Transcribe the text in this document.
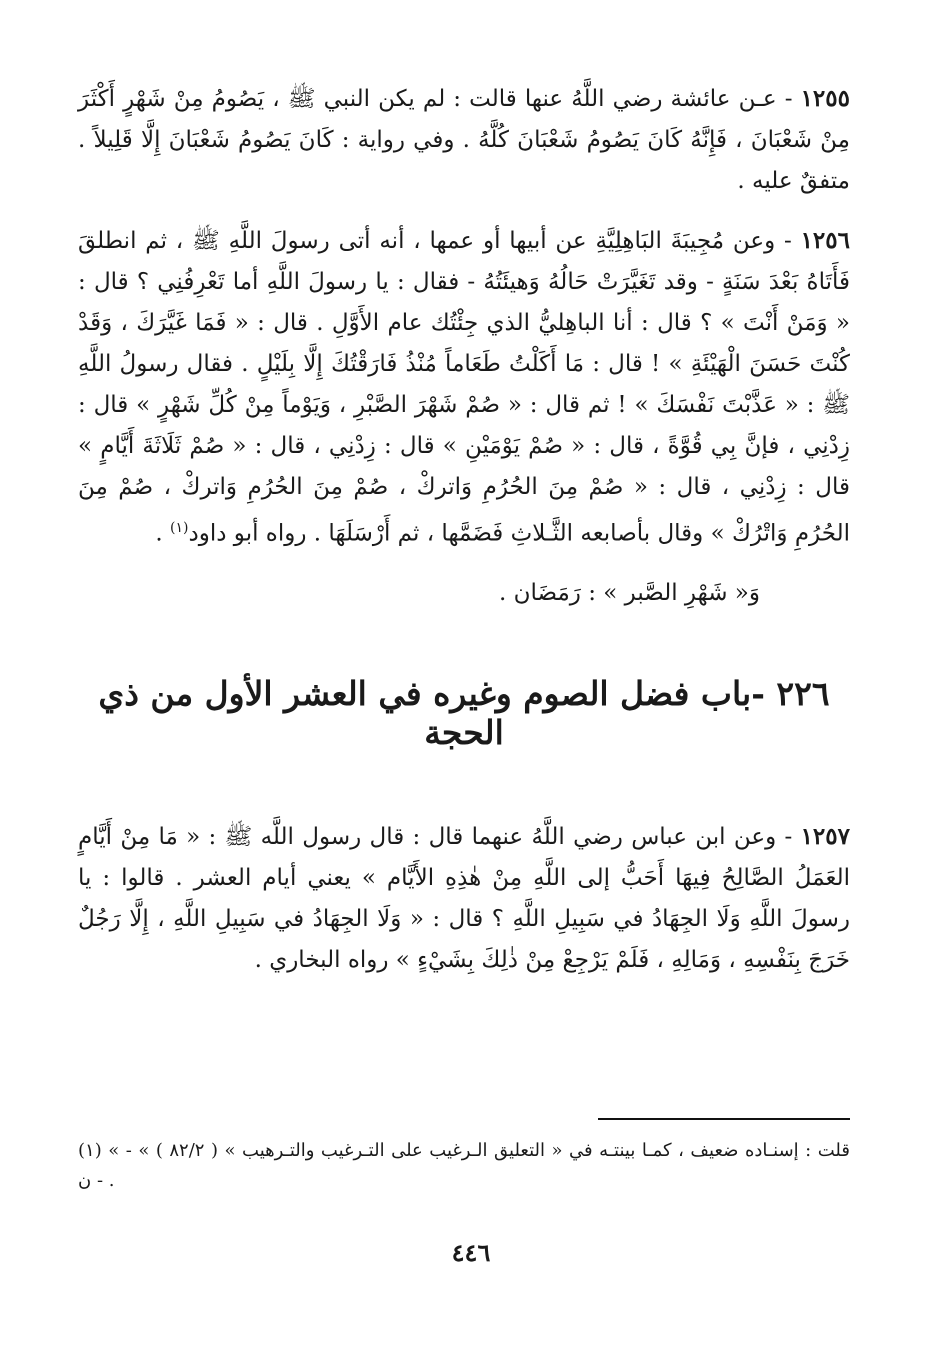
١٢٥٥ - عـن عائشة رضي اللَّهُ عنها قالت : لم يكن النبي ﷺ ، يَصُومُ مِنْ شَهْرٍ أَكْثَرَ مِنْ شَعْبَانَ ، فَإِنَّهُ كَانَ يَصُومُ شَعْبَانَ كُلَّهُ . وفي رواية : كَانَ يَصُومُ شَعْبَانَ إِلَّا قَلِيلاً . متفقٌ عليه .

١٢٥٦ - وعن مُجِيبَةَ البَاهِلِيَّةِ عن أبيها أو عمها ، أنه أتى رسولَ اللَّهِ ﷺ ، ثم انطلقَ فَأَتَاهُ بَعْدَ سَنَةٍ - وقد تَغَيَّرَتْ حَالُهُ وَهيئَتُهُ - فقال : يا رسولَ اللَّهِ أما تَعْرِفُنِي ؟ قال : « وَمَنْ أَنْتَ » ؟ قال : أنا الباهِليُّ الذي جِئْتُك عام الأَوَّلِ . قال : « فَمَا غَيَّرَكَ ، وَقَدْ كُنْتَ حَسَنَ الْهَيْئَةِ » ! قال : مَا أَكَلْتُ طَعَاماً مُنْذُ فَارَقْتُكَ إِلَّا بِلَيْلٍ . فقال رسولُ اللَّهِ ﷺ : « عَذَّبْتَ نَفْسَكَ » ! ثم قال : « صُمْ شَهْرَ الصَّبْرِ ، وَيَوْماً مِنْ كُلِّ شَهْرٍ » قال : زِدْنِي ، فإنَّ بِي قُوَّةً ، قال : « صُمْ يَوْمَيْنِ » قال : زِدْنِي ، قال : « صُمْ ثَلَاثَةَ أَيَّامٍ » قال : زِدْنِي ، قال : « صُمْ مِنَ الحُرُمِ وَاتركْ ، صُمْ مِنَ الحُرُمِ وَاتركْ ، صُمْ مِنَ الحُرُمِ وَاتْرُكْ » وقال بأصابعه الثَّـلاثِ فَضَمَّها ، ثم أَرْسَلَهَا . رواه أبو داود$^{(١)}$ .

وَ« شَهْرِ الصَّبر » : رَمَضَان .

٢٢٦ -باب فضل الصوم وغيره في العشر الأول من ذي الحجة

١٢٥٧ - وعن ابن عباس رضي اللَّهُ عنهما قال : قال رسول اللَّه ﷺ : « مَا مِنْ أَيَّامٍ العَمَلُ الصَّالِحُ فِيهَا أَحَبُّ إلى اللَّهِ مِنْ هٰذِهِ الأَيَّام » يعني أيام العشر . قالوا : يا رسولَ اللَّهِ وَلَا الجِهَادُ في سَبِيلِ اللَّهِ ؟ قال : « وَلَا الجِهَادُ في سَبِيلِ اللَّهِ ، إِلَّا رَجُلٌ خَرَجَ بِنَفْسِهِ ، وَمَالِهِ ، فَلَمْ يَرْجِعْ مِنْ ذٰلِكَ بِشَيْءٍ » رواه البخاري .

(١) « قلت : إسنـاده ضعيف ، كمـا بينتـه في « التعليق الـرغيب على التـرغيب والتـرهيب » ( ٨٢/٢ ) » - ن - .

٤٤٦
